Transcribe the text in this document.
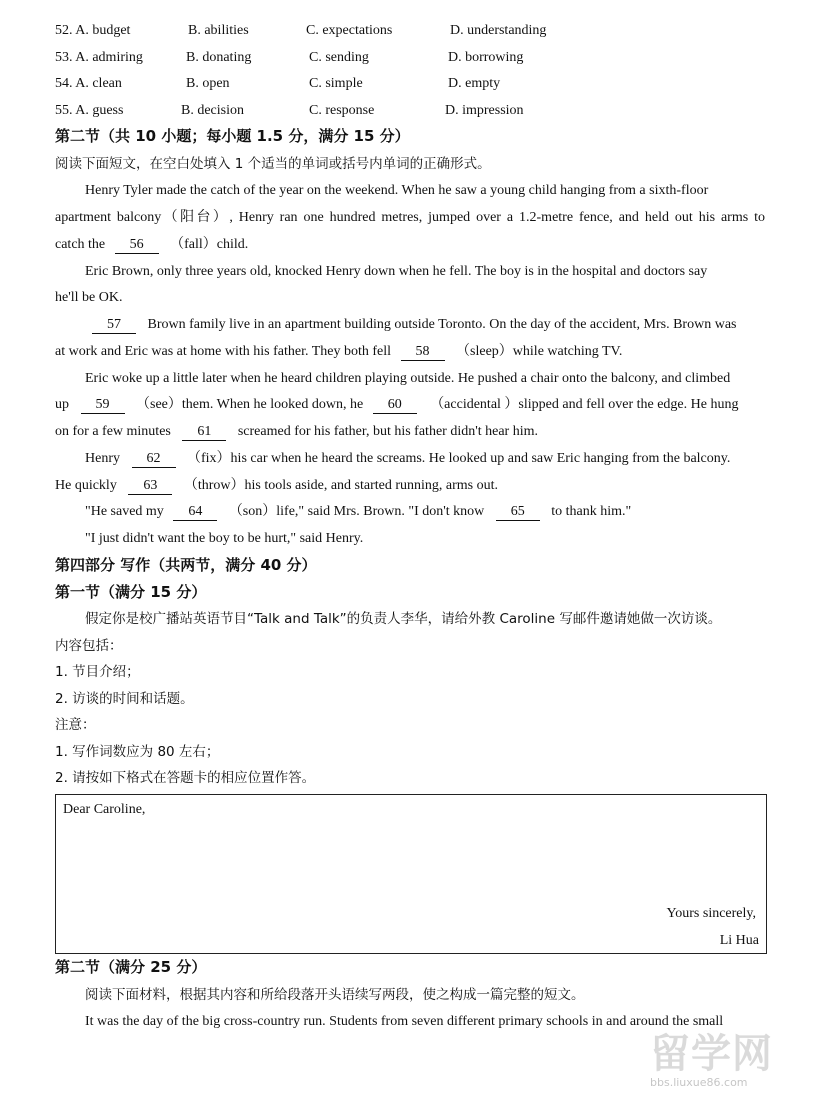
52. A. budget	B. abilities	C. expectations	D. understanding
53. A. admiring	B. donating	C. sending	D. borrowing
54. A. clean	B. open	C. simple	D. empty
55. A. guess	B. decision	C. response	D. impression
第二节（共 10 小题；每小题 1.5 分，满分 15 分）
阅读下面短文，在空白处填入 1 个适当的单词或括号内单词的正确形式。
Henry Tyler made the catch of the year on the weekend. When he saw a young child hanging from a sixth-floor
apartment balcony（阳台）, Henry ran one hundred metres, jumped over a 1.2-metre fence, and held out his arms to
catch the 56 （fall）child.
Eric Brown, only three years old, knocked Henry down when he fell. The boy is in the hospital and doctors say
he'll be OK.
57 Brown family live in an apartment building outside Toronto. On the day of the accident, Mrs. Brown was
at work and Eric was at home with his father. They both fell 58 （sleep）while watching TV.
Eric woke up a little later when he heard children playing outside. He pushed a chair onto the balcony, and climbed
up 59 （see）them. When he looked down, he 60 （accidental ）slipped and fell over the edge. He hung
on for a few minutes 61 screamed for his father, but his father didn't hear him.
Henry 62 （fix）his car when he heard the screams. He looked up and saw Eric hanging from the balcony.
He quickly 63 （throw）his tools aside, and started running, arms out.
"He saved my 64 （son）life," said Mrs. Brown. "I don't know 65 to thank him."
"I just didn't want the boy to be hurt," said Henry.
第四部分 写作（共两节，满分 40 分）
第一节（满分 15 分）
假定你是校广播站英语节目“Talk and Talk”的负责人李华，请给外教 Caroline 写邮件邀请她做一次访谈。
内容包括：
1. 节目介绍；
2. 访谈的时间和话题。
注意：
1. 写作词数应为 80 左右；
2. 请按如下格式在答题卡的相应位置作答。
Dear Caroline,
Yours sincerely,
Li Hua
第二节（满分 25 分）
阅读下面材料，根据其内容和所给段落开头语续写两段，使之构成一篇完整的短文。
It was the day of the big cross-country run. Students from seven different primary schools in and around the small
留学网
bbs.liuxue86.com
